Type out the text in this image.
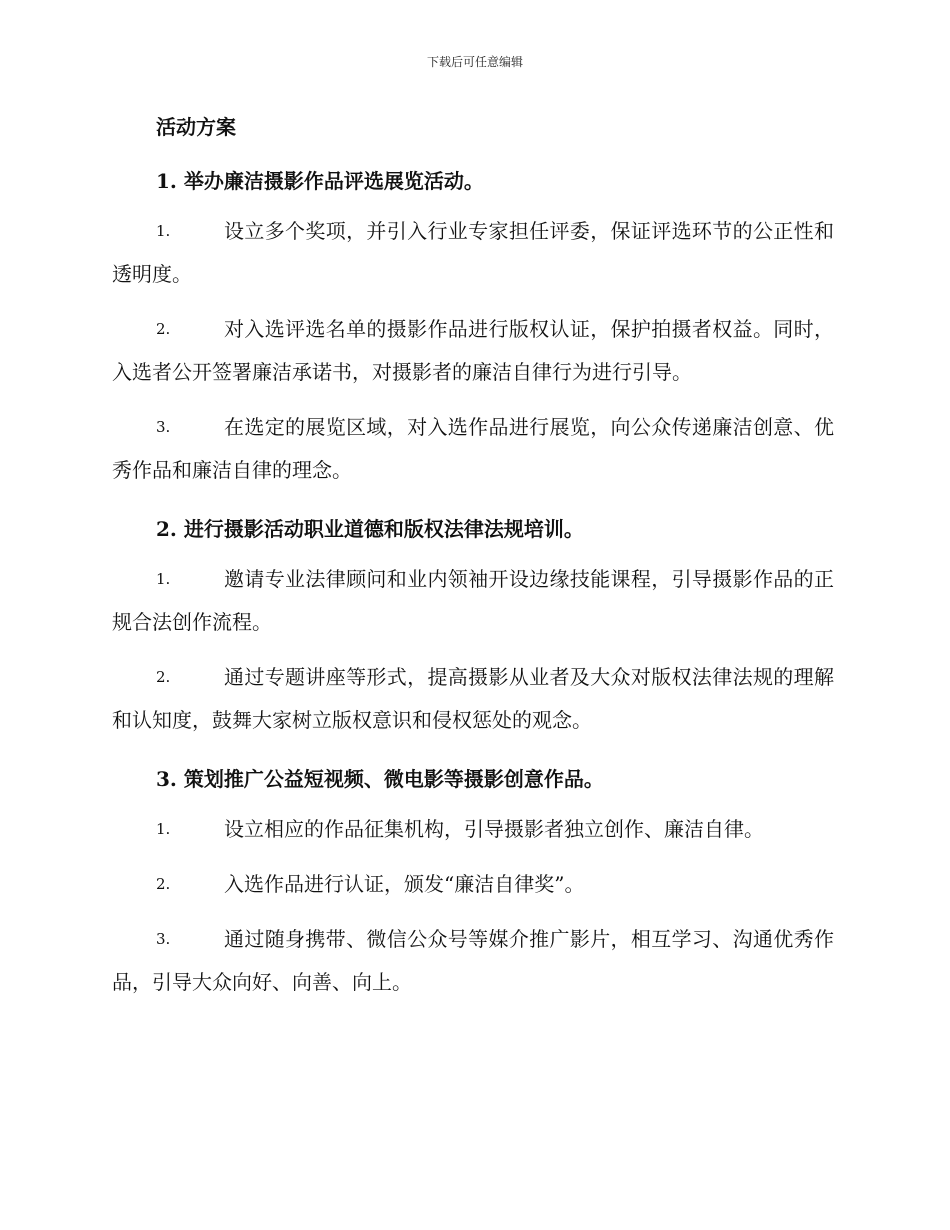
下载后可任意编辑
活动方案
1. 举办廉洁摄影作品评选展览活动。
1.	设立多个奖项，并引入行业专家担任评委，保证评选环节的公正性和透明度。
2.	对入选评选名单的摄影作品进行版权认证，保护拍摄者权益。同时，入选者公开签署廉洁承诺书，对摄影者的廉洁自律行为进行引导。
3.	在选定的展览区域，对入选作品进行展览，向公众传递廉洁创意、优秀作品和廉洁自律的理念。
2. 进行摄影活动职业道德和版权法律法规培训。
1.	邀请专业法律顾问和业内领袖开设边缘技能课程，引导摄影作品的正规合法创作流程。
2.	通过专题讲座等形式，提高摄影从业者及大众对版权法律法规的理解和认知度，鼓舞大家树立版权意识和侵权惩处的观念。
3. 策划推广公益短视频、微电影等摄影创意作品。
1.	设立相应的作品征集机构，引导摄影者独立创作、廉洁自律。
2.	入选作品进行认证，颁发“廉洁自律奖”。
3.	通过随身携带、微信公众号等媒介推广影片，相互学习、沟通优秀作品，引导大众向好、向善、向上。
